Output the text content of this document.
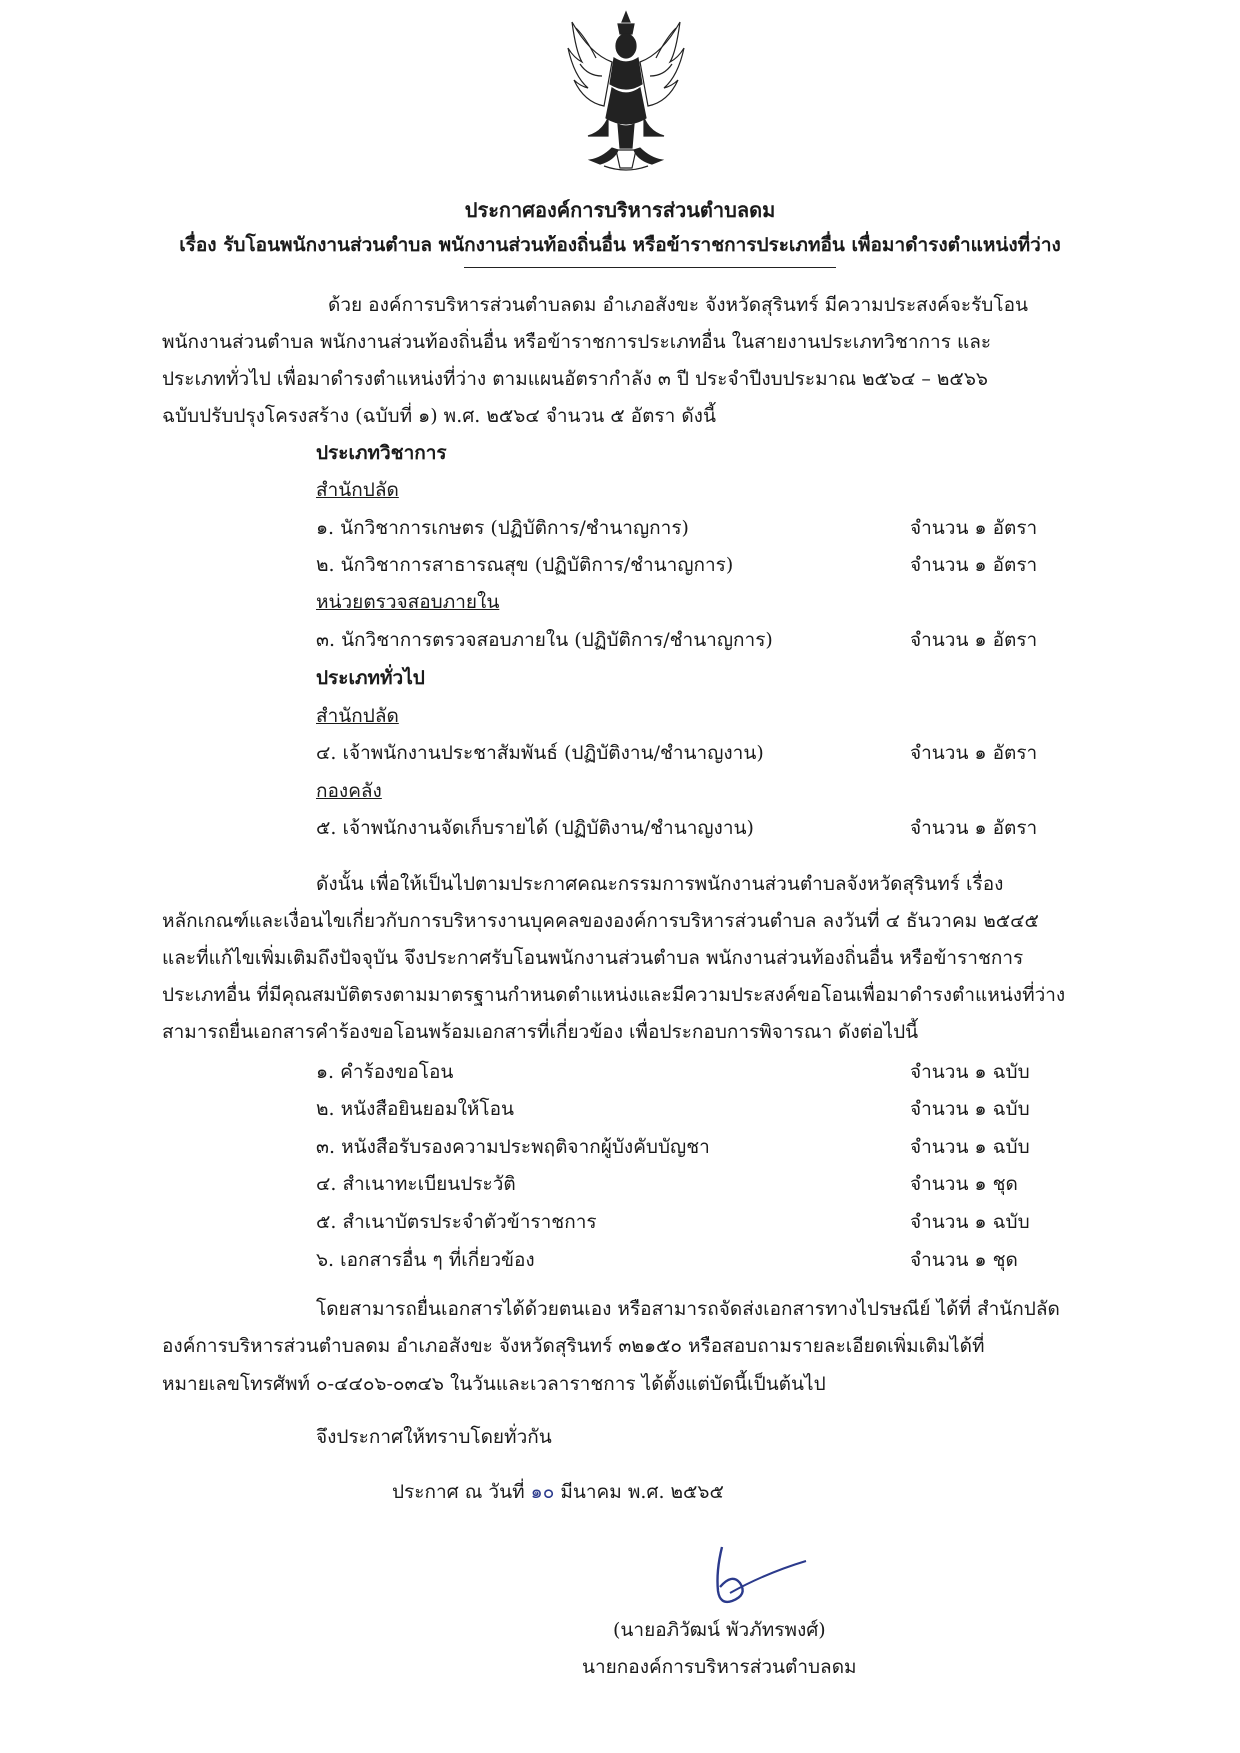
ประกาศองค์การบริหารส่วนตำบลดม
เรื่อง รับโอนพนักงานส่วนตำบล พนักงานส่วนท้องถิ่นอื่น หรือข้าราชการประเภทอื่น เพื่อมาดำรงตำแหน่งที่ว่าง
ด้วย องค์การบริหารส่วนตำบลดม อำเภอสังขะ จังหวัดสุรินทร์ มีความประสงค์จะรับโอน
พนักงานส่วนตำบล พนักงานส่วนท้องถิ่นอื่น หรือข้าราชการประเภทอื่น ในสายงานประเภทวิชาการ และ
ประเภททั่วไป เพื่อมาดำรงตำแหน่งที่ว่าง ตามแผนอัตรากำลัง ๓ ปี ประจำปีงบประมาณ ๒๕๖๔ – ๒๕๖๖
ฉบับปรับปรุงโครงสร้าง (ฉบับที่ ๑) พ.ศ. ๒๕๖๔ จำนวน ๕ อัตรา ดังนี้
ประเภทวิชาการ
สำนักปลัด
๑. นักวิชาการเกษตร (ปฏิบัติการ/ชำนาญการ)	จำนวน ๑ อัตรา
๒. นักวิชาการสาธารณสุข (ปฏิบัติการ/ชำนาญการ)	จำนวน ๑ อัตรา
หน่วยตรวจสอบภายใน
๓. นักวิชาการตรวจสอบภายใน (ปฏิบัติการ/ชำนาญการ)	จำนวน ๑ อัตรา
ประเภททั่วไป
สำนักปลัด
๔. เจ้าพนักงานประชาสัมพันธ์ (ปฏิบัติงาน/ชำนาญงาน)	จำนวน ๑ อัตรา
กองคลัง
๕. เจ้าพนักงานจัดเก็บรายได้ (ปฏิบัติงาน/ชำนาญงาน)	จำนวน ๑ อัตรา
ดังนั้น เพื่อให้เป็นไปตามประกาศคณะกรรมการพนักงานส่วนตำบลจังหวัดสุรินทร์ เรื่อง
หลักเกณฑ์และเงื่อนไขเกี่ยวกับการบริหารงานบุคคลขององค์การบริหารส่วนตำบล ลงวันที่ ๔ ธันวาคม ๒๕๔๕
และที่แก้ไขเพิ่มเติมถึงปัจจุบัน จึงประกาศรับโอนพนักงานส่วนตำบล พนักงานส่วนท้องถิ่นอื่น หรือข้าราชการ
ประเภทอื่น ที่มีคุณสมบัติตรงตามมาตรฐานกำหนดตำแหน่งและมีความประสงค์ขอโอนเพื่อมาดำรงตำแหน่งที่ว่าง
สามารถยื่นเอกสารคำร้องขอโอนพร้อมเอกสารที่เกี่ยวข้อง เพื่อประกอบการพิจารณา ดังต่อไปนี้
๑. คำร้องขอโอน	จำนวน ๑ ฉบับ
๒. หนังสือยินยอมให้โอน	จำนวน ๑ ฉบับ
๓. หนังสือรับรองความประพฤติจากผู้บังคับบัญชา	จำนวน ๑ ฉบับ
๔. สำเนาทะเบียนประวัติ	จำนวน ๑ ชุด
๕. สำเนาบัตรประจำตัวข้าราชการ	จำนวน ๑ ฉบับ
๖. เอกสารอื่น ๆ ที่เกี่ยวข้อง	จำนวน ๑ ชุด
โดยสามารถยื่นเอกสารได้ด้วยตนเอง หรือสามารถจัดส่งเอกสารทางไปรษณีย์ ได้ที่ สำนักปลัด
องค์การบริหารส่วนตำบลดม อำเภอสังขะ จังหวัดสุรินทร์ ๓๒๑๕๐ หรือสอบถามรายละเอียดเพิ่มเติมได้ที่
หมายเลขโทรศัพท์ ๐-๔๔๐๖-๐๓๔๖ ในวันและเวลาราชการ ได้ตั้งแต่บัดนี้เป็นต้นไป
จึงประกาศให้ทราบโดยทั่วกัน
ประกาศ ณ วันที่ ๑๐ มีนาคม พ.ศ. ๒๕๖๕
(นายอภิวัฒน์ พัวภัทรพงศ์)
นายกองค์การบริหารส่วนตำบลดม
